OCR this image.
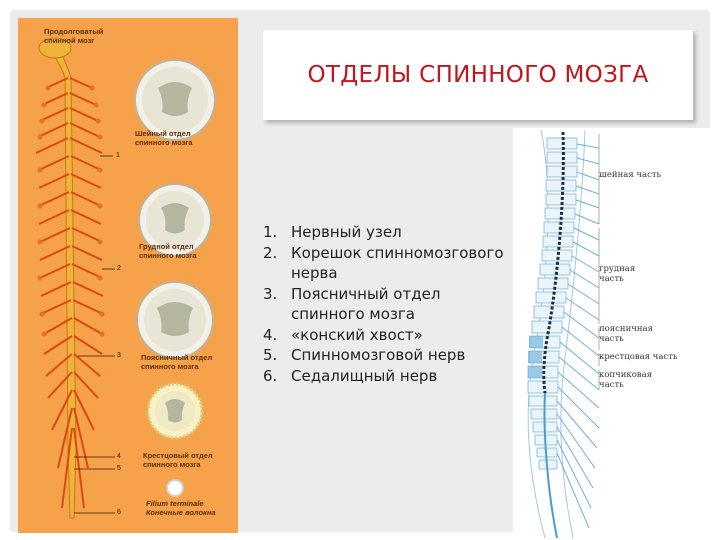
Продолговатый
спинной мозг
Шейный отдел
спинного мозга
Грудной отдел
спинного мозга
Поясничный отдел
спинного мозга
Крестцовый отдел
спинного мозга
Filium terminale
Конечные волокна
1
2
3
4
5
6
ОТДЕЛЫ СПИННОГО МОЗГА
1. Нервный узел
2. Корешок спинномозгового нерва
3. Поясничный отдел спинного мозга
4. «конский хвост»
5. Спинномозговой нерв
6. Седалищный нерв
шейная часть
грудная
часть
поясничная
часть
крестцовая часть
копчиковая
часть
